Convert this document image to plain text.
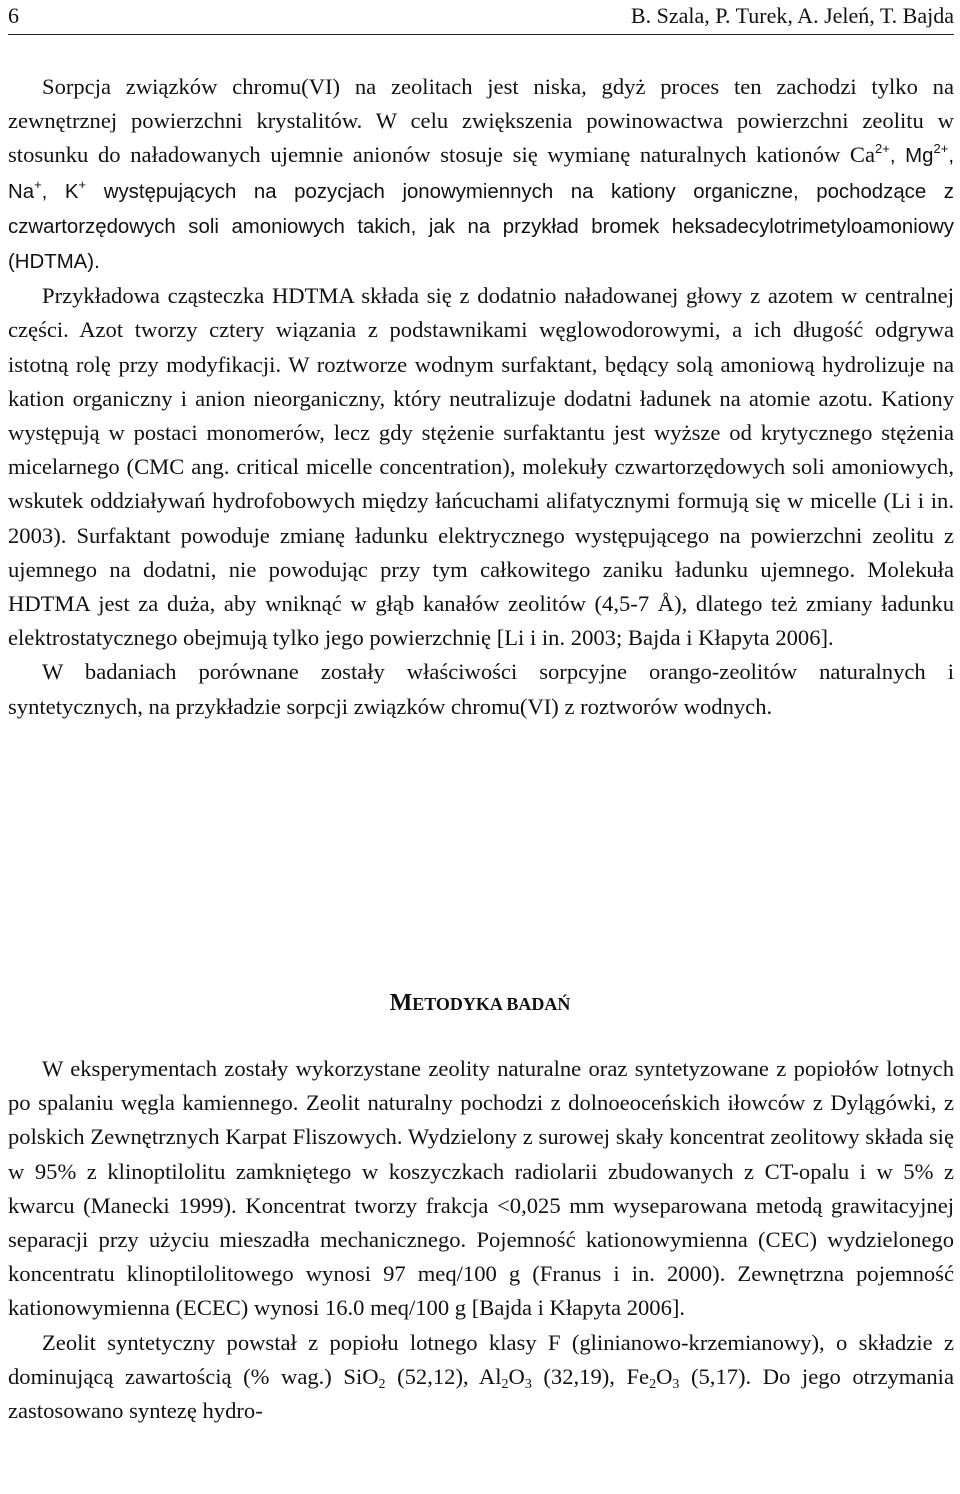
6	B. Szala, P. Turek, A. Jeleń, T. Bajda

Sorpcja związków chromu(VI) na zeolitach jest niska, gdyż proces ten zachodzi tylko na zewnętrznej powierzchni krystalitów. W celu zwiększenia powinowactwa powierzchni zeolitu w stosunku do naładowanych ujemnie anionów stosuje się wymianę naturalnych kationów $Ca^{2+}$, $Mg^{2+}$, Na+, K+ występujących na pozycjach jonowymiennych na kationy organiczne, pochodzące z czwartorzędowych soli amoniowych takich, jak na przykład bromek heksadecylotrimetyloamoniowy (HDTMA).

Przykładowa cząsteczka HDTMA składa się z dodatnio naładowanej głowy z azotem w centralnej części. Azot tworzy cztery wiązania z podstawnikami węglowodorowymi, a ich długość odgrywa istotną rolę przy modyfikacji. W roztworze wodnym surfaktant, będący solą amoniową hydrolizuje na kation organiczny i anion nieorganiczny, który neutralizuje dodatni ładunek na atomie azotu. Kationy występują w postaci monomerów, lecz gdy stężenie surfaktantu jest wyższe od krytycznego stężenia micelarnego (CMC ang. critical micelle concentration), molekuły czwartorzędowych soli amoniowych, wskutek oddziaływań hydrofobowych między łańcuchami alifatycznymi formują się w micelle (Li i in. 2003). Surfaktant powoduje zmianę ładunku elektrycznego występującego na powierzchni zeolitu z ujemnego na dodatni, nie powodując przy tym całkowitego zaniku ładunku ujemnego. Molekuła HDTMA jest za duża, aby wniknąć w głąb kanałów zeolitów (4,5-7 Å), dlatego też zmiany ładunku elektrostatycznego obejmują tylko jego powierzchnię [Li i in. 2003; Bajda i Kłapyta 2006].

W badaniach porównane zostały właściwości sorpcyjne orango-zeolitów naturalnych i syntetycznych, na przykładzie sorpcji związków chromu(VI) z roztworów wodnych.

METODYKA BADAŃ

W eksperymentach zostały wykorzystane zeolity naturalne oraz syntetyzowane z popiołów lotnych po spalaniu węgla kamiennego. Zeolit naturalny pochodzi z dolnoeoceńskich iłowców z Dylągówki, z polskich Zewnętrznych Karpat Fliszowych. Wydzielony z surowej skały koncentrat zeolitowy składa się w 95% z klinoptilolitu zamkniętego w koszyczkach radiolarii zbudowanych z CT-opalu i w 5% z kwarcu (Manecki 1999). Koncentrat tworzy frakcja <0,025 mm wyseparowana metodą grawitacyjnej separacji przy użyciu mieszadła mechanicznego. Pojemność kationowymienna (CEC) wydzielonego koncentratu klinoptilolitowego wynosi 97 meq/100 g (Franus i in. 2000). Zewnętrzna pojemność kationowymienna (ECEC) wynosi 16.0 meq/100 g [Bajda i Kłapyta 2006].

Zeolit syntetyczny powstał z popiołu lotnego klasy F (glinianowo-krzemianowy), o składzie z dominującą zawartością (% wag.) SiO$_2$ (52,12), $Al_2O_3$ (32,19), $Fe_2O_3$ (5,17). Do jego otrzymania zastosowano syntezę hydro-
